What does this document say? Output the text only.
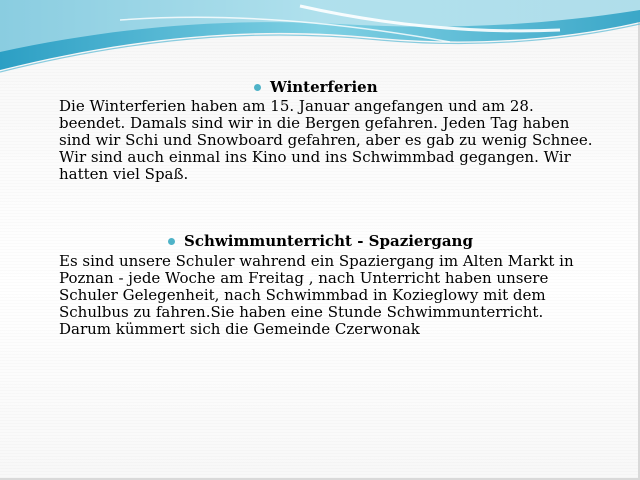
Winterferien
Die Winterferien haben am 15. Januar angefangen und am 28.
beendet. Damals sind wir in die Bergen gefahren. Jeden Tag haben
sind wir Schi und Snowboard gefahren, aber es gab zu wenig Schnee.
Wir sind auch einmal ins Kino und ins Schwimmbad gegangen. Wir
hatten viel Spaß.
Schwimmunterricht - Spaziergang
Es sind unsere Schuler wahrend ein Spaziergang im Alten Markt in
Poznan - jede Woche am Freitag , nach Unterricht haben unsere
Schuler Gelegenheit, nach Schwimmbad in Kozieglowy mit dem
Schulbus zu fahren.Sie haben eine Stunde Schwimmunterricht.
Darum kümmert sich die Gemeinde Czerwonak
